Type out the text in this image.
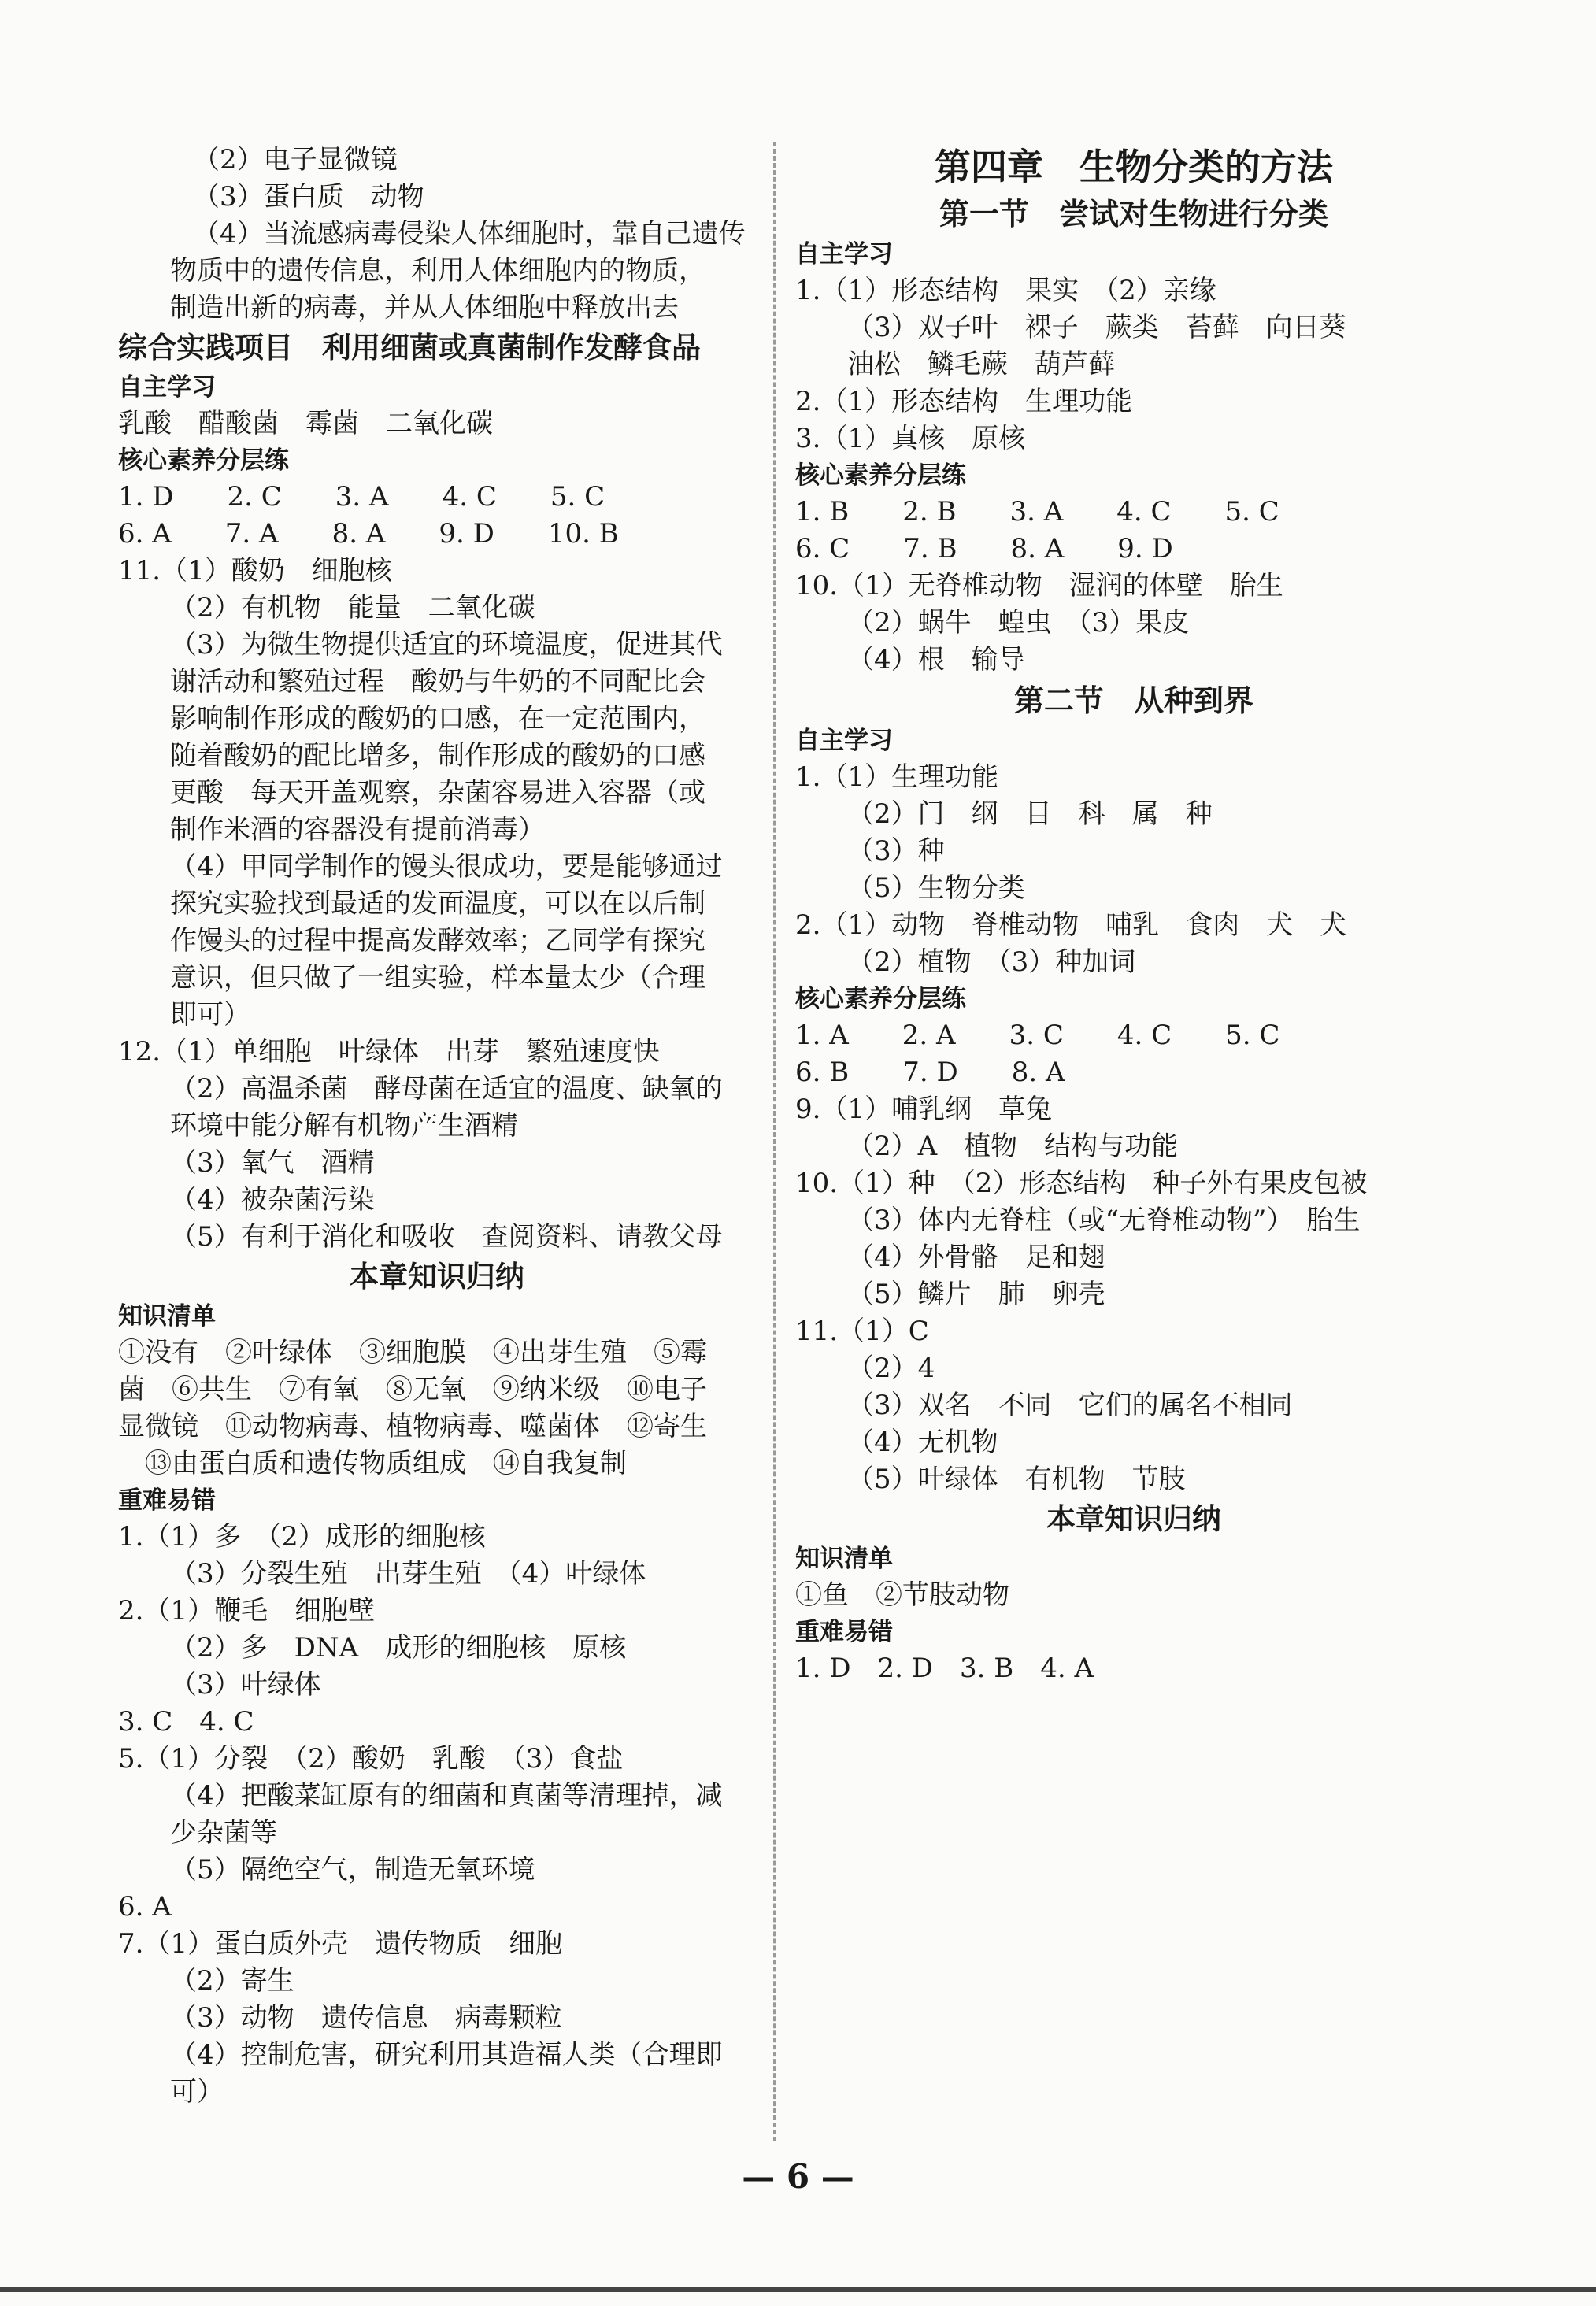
（2）电子显微镜
（3）蛋白质　动物
（4）当流感病毒侵染人体细胞时，靠自己遗传
物质中的遗传信息，利用人体细胞内的物质，
制造出新的病毒，并从人体细胞中释放出去
综合实践项目　利用细菌或真菌制作发酵食品
自主学习
乳酸　醋酸菌　霉菌　二氧化碳
核心素养分层练
1. D　　2. C　　3. A　　4. C　　5. C
6. A　　7. A　　8. A　　9. D　　10. B
11.（1）酸奶　细胞核
（2）有机物　能量　二氧化碳
（3）为微生物提供适宜的环境温度，促进其代
谢活动和繁殖过程　酸奶与牛奶的不同配比会
影响制作形成的酸奶的口感，在一定范围内，
随着酸奶的配比增多，制作形成的酸奶的口感
更酸　每天开盖观察，杂菌容易进入容器（或
制作米酒的容器没有提前消毒）
（4）甲同学制作的馒头很成功，要是能够通过
探究实验找到最适的发面温度，可以在以后制
作馒头的过程中提高发酵效率；乙同学有探究
意识，但只做了一组实验，样本量太少（合理
即可）
12.（1）单细胞　叶绿体　出芽　繁殖速度快
（2）高温杀菌　酵母菌在适宜的温度、缺氧的
环境中能分解有机物产生酒精
（3）氧气　酒精
（4）被杂菌污染
（5）有利于消化和吸收　查阅资料、请教父母
本章知识归纳
知识清单
①没有　②叶绿体　③细胞膜　④出芽生殖　⑤霉
菌　⑥共生　⑦有氧　⑧无氧　⑨纳米级　⑩电子
显微镜　⑪动物病毒、植物病毒、噬菌体　⑫寄生
　⑬由蛋白质和遗传物质组成　⑭自我复制
重难易错
1.（1）多　（2）成形的细胞核
（3）分裂生殖　出芽生殖　（4）叶绿体
2.（1）鞭毛　细胞壁
（2）多　DNA　成形的细胞核　原核
（3）叶绿体
3. C　4. C
5.（1）分裂　（2）酸奶　乳酸　（3）食盐
（4）把酸菜缸原有的细菌和真菌等清理掉，减
少杂菌等
（5）隔绝空气，制造无氧环境
6. A
7.（1）蛋白质外壳　遗传物质　细胞
（2）寄生
（3）动物　遗传信息　病毒颗粒
（4）控制危害，研究利用其造福人类（合理即
可）
第四章　生物分类的方法
第一节　尝试对生物进行分类
自主学习
1.（1）形态结构　果实　（2）亲缘
（3）双子叶　裸子　蕨类　苔藓　向日葵
油松　鳞毛蕨　葫芦藓
2.（1）形态结构　生理功能
3.（1）真核　原核
核心素养分层练
1. B　　2. B　　3. A　　4. C　　5. C
6. C　　7. B　　8. A　　9. D
10.（1）无脊椎动物　湿润的体壁　胎生
（2）蜗牛　蝗虫　（3）果皮
（4）根　输导
第二节　从种到界
自主学习
1.（1）生理功能
（2）门　纲　目　科　属　种
（3）种
（5）生物分类
2.（1）动物　脊椎动物　哺乳　食肉　犬　犬
（2）植物　（3）种加词
核心素养分层练
1. A　　2. A　　3. C　　4. C　　5. C
6. B　　7. D　　8. A
9.（1）哺乳纲　草兔
（2）A　植物　结构与功能
10.（1）种　（2）形态结构　种子外有果皮包被
（3）体内无脊柱（或“无脊椎动物”）　胎生
（4）外骨骼　足和翅
（5）鳞片　肺　卵壳
11.（1）C
（2）4
（3）双名　不同　它们的属名不相同
（4）无机物
（5）叶绿体　有机物　节肢
本章知识归纳
知识清单
①鱼　②节肢动物
重难易错
1. D　2. D　3. B　4. A
— 6 —
